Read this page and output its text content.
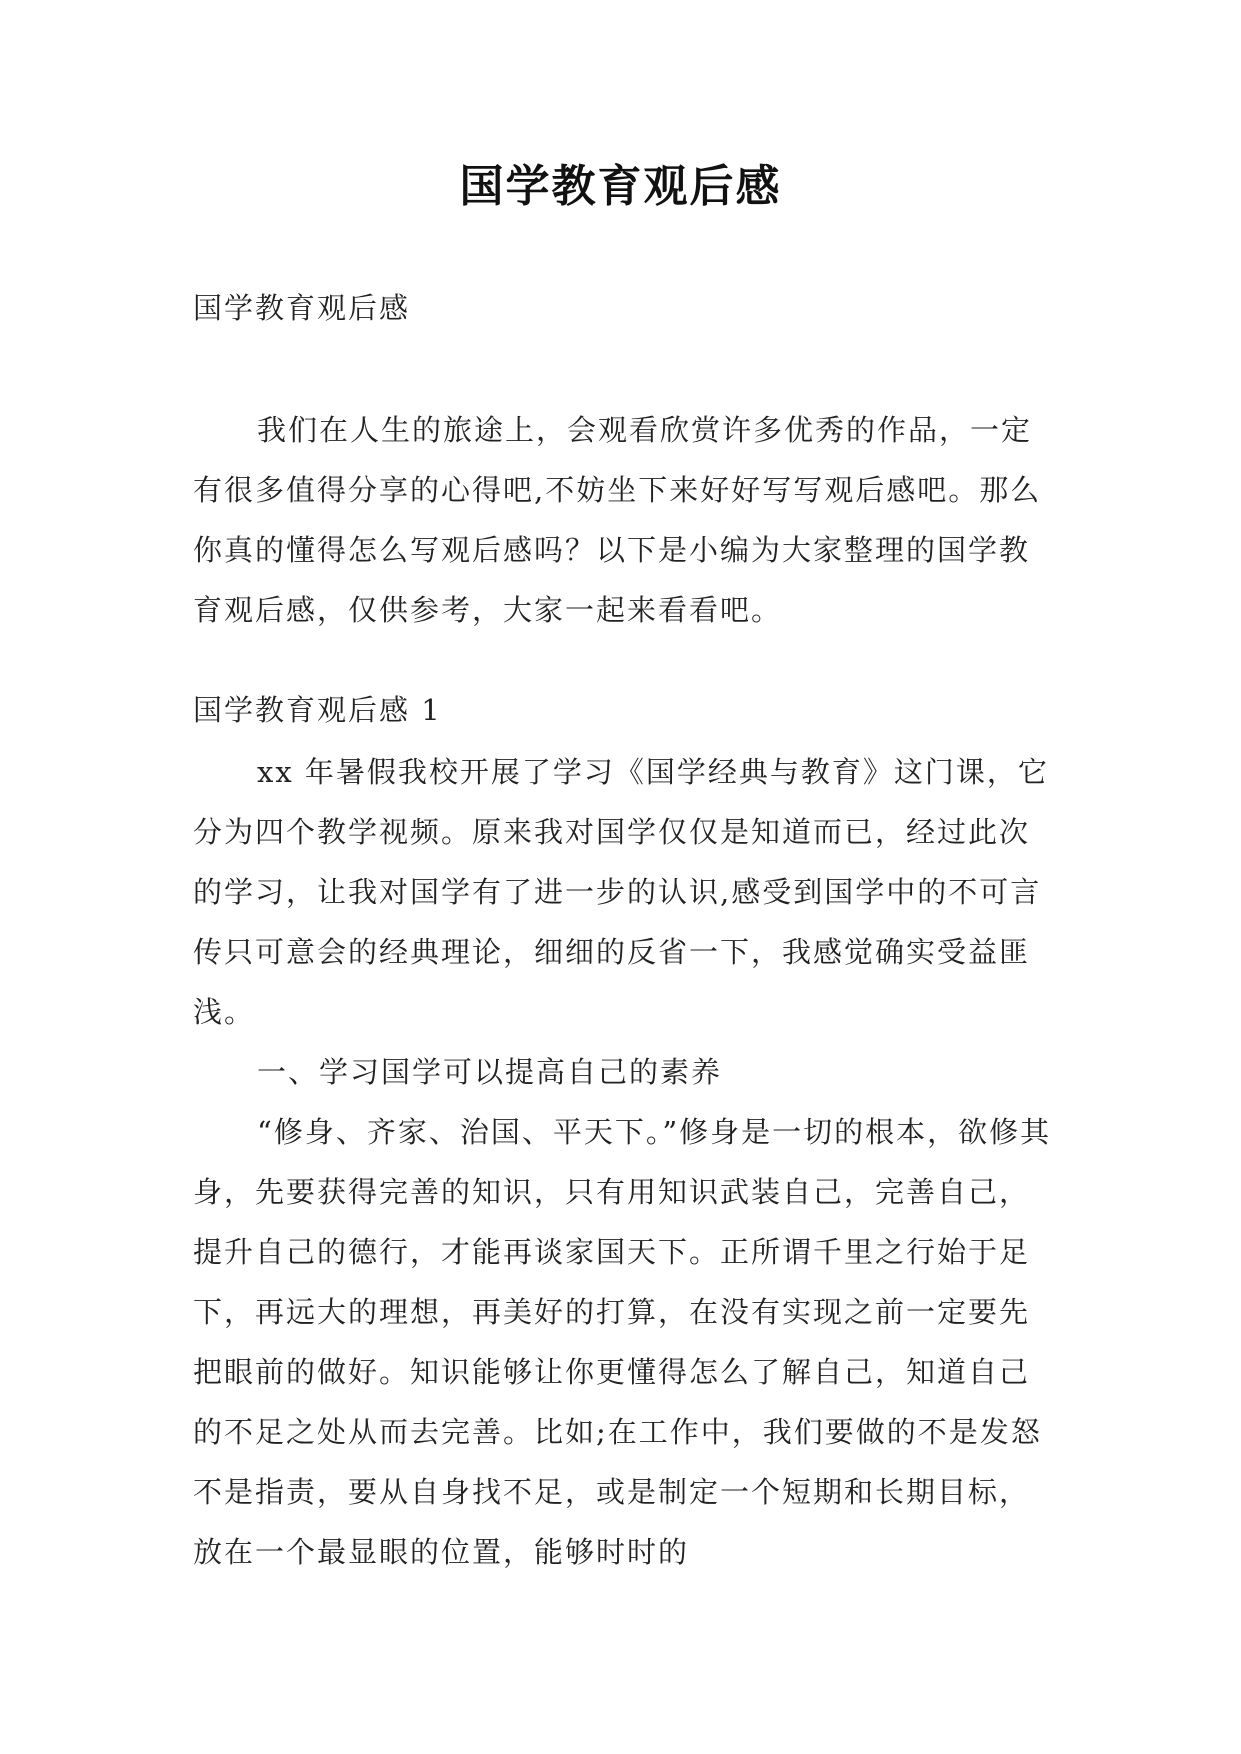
国学教育观后感
国学教育观后感
我们在人生的旅途上，会观看欣赏许多优秀的作品，一定有很多值得分享的心得吧,不妨坐下来好好写写观后感吧。那么你真的懂得怎么写观后感吗？以下是小编为大家整理的国学教育观后感，仅供参考，大家一起来看看吧。
国学教育观后感 1

xx 年暑假我校开展了学习《国学经典与教育》这门课，它分为四个教学视频。原来我对国学仅仅是知道而已，经过此次的学习，让我对国学有了进一步的认识,感受到国学中的不可言传只可意会的经典理论，细细的反省一下，我感觉确实受益匪浅。

一、学习国学可以提高自己的素养

“修身、齐家、治国、平天下。”修身是一切的根本，欲修其身，先要获得完善的知识，只有用知识武装自己，完善自己，提升自己的德行，才能再谈家国天下。正所谓千里之行始于足下，再远大的理想，再美好的打算，在没有实现之前一定要先把眼前的做好。知识能够让你更懂得怎么了解自己，知道自己的不足之处从而去完善。比如;在工作中，我们要做的不是发怒不是指责，要从自身找不足，或是制定一个短期和长期目标，放在一个最显眼的位置，能够时时的
